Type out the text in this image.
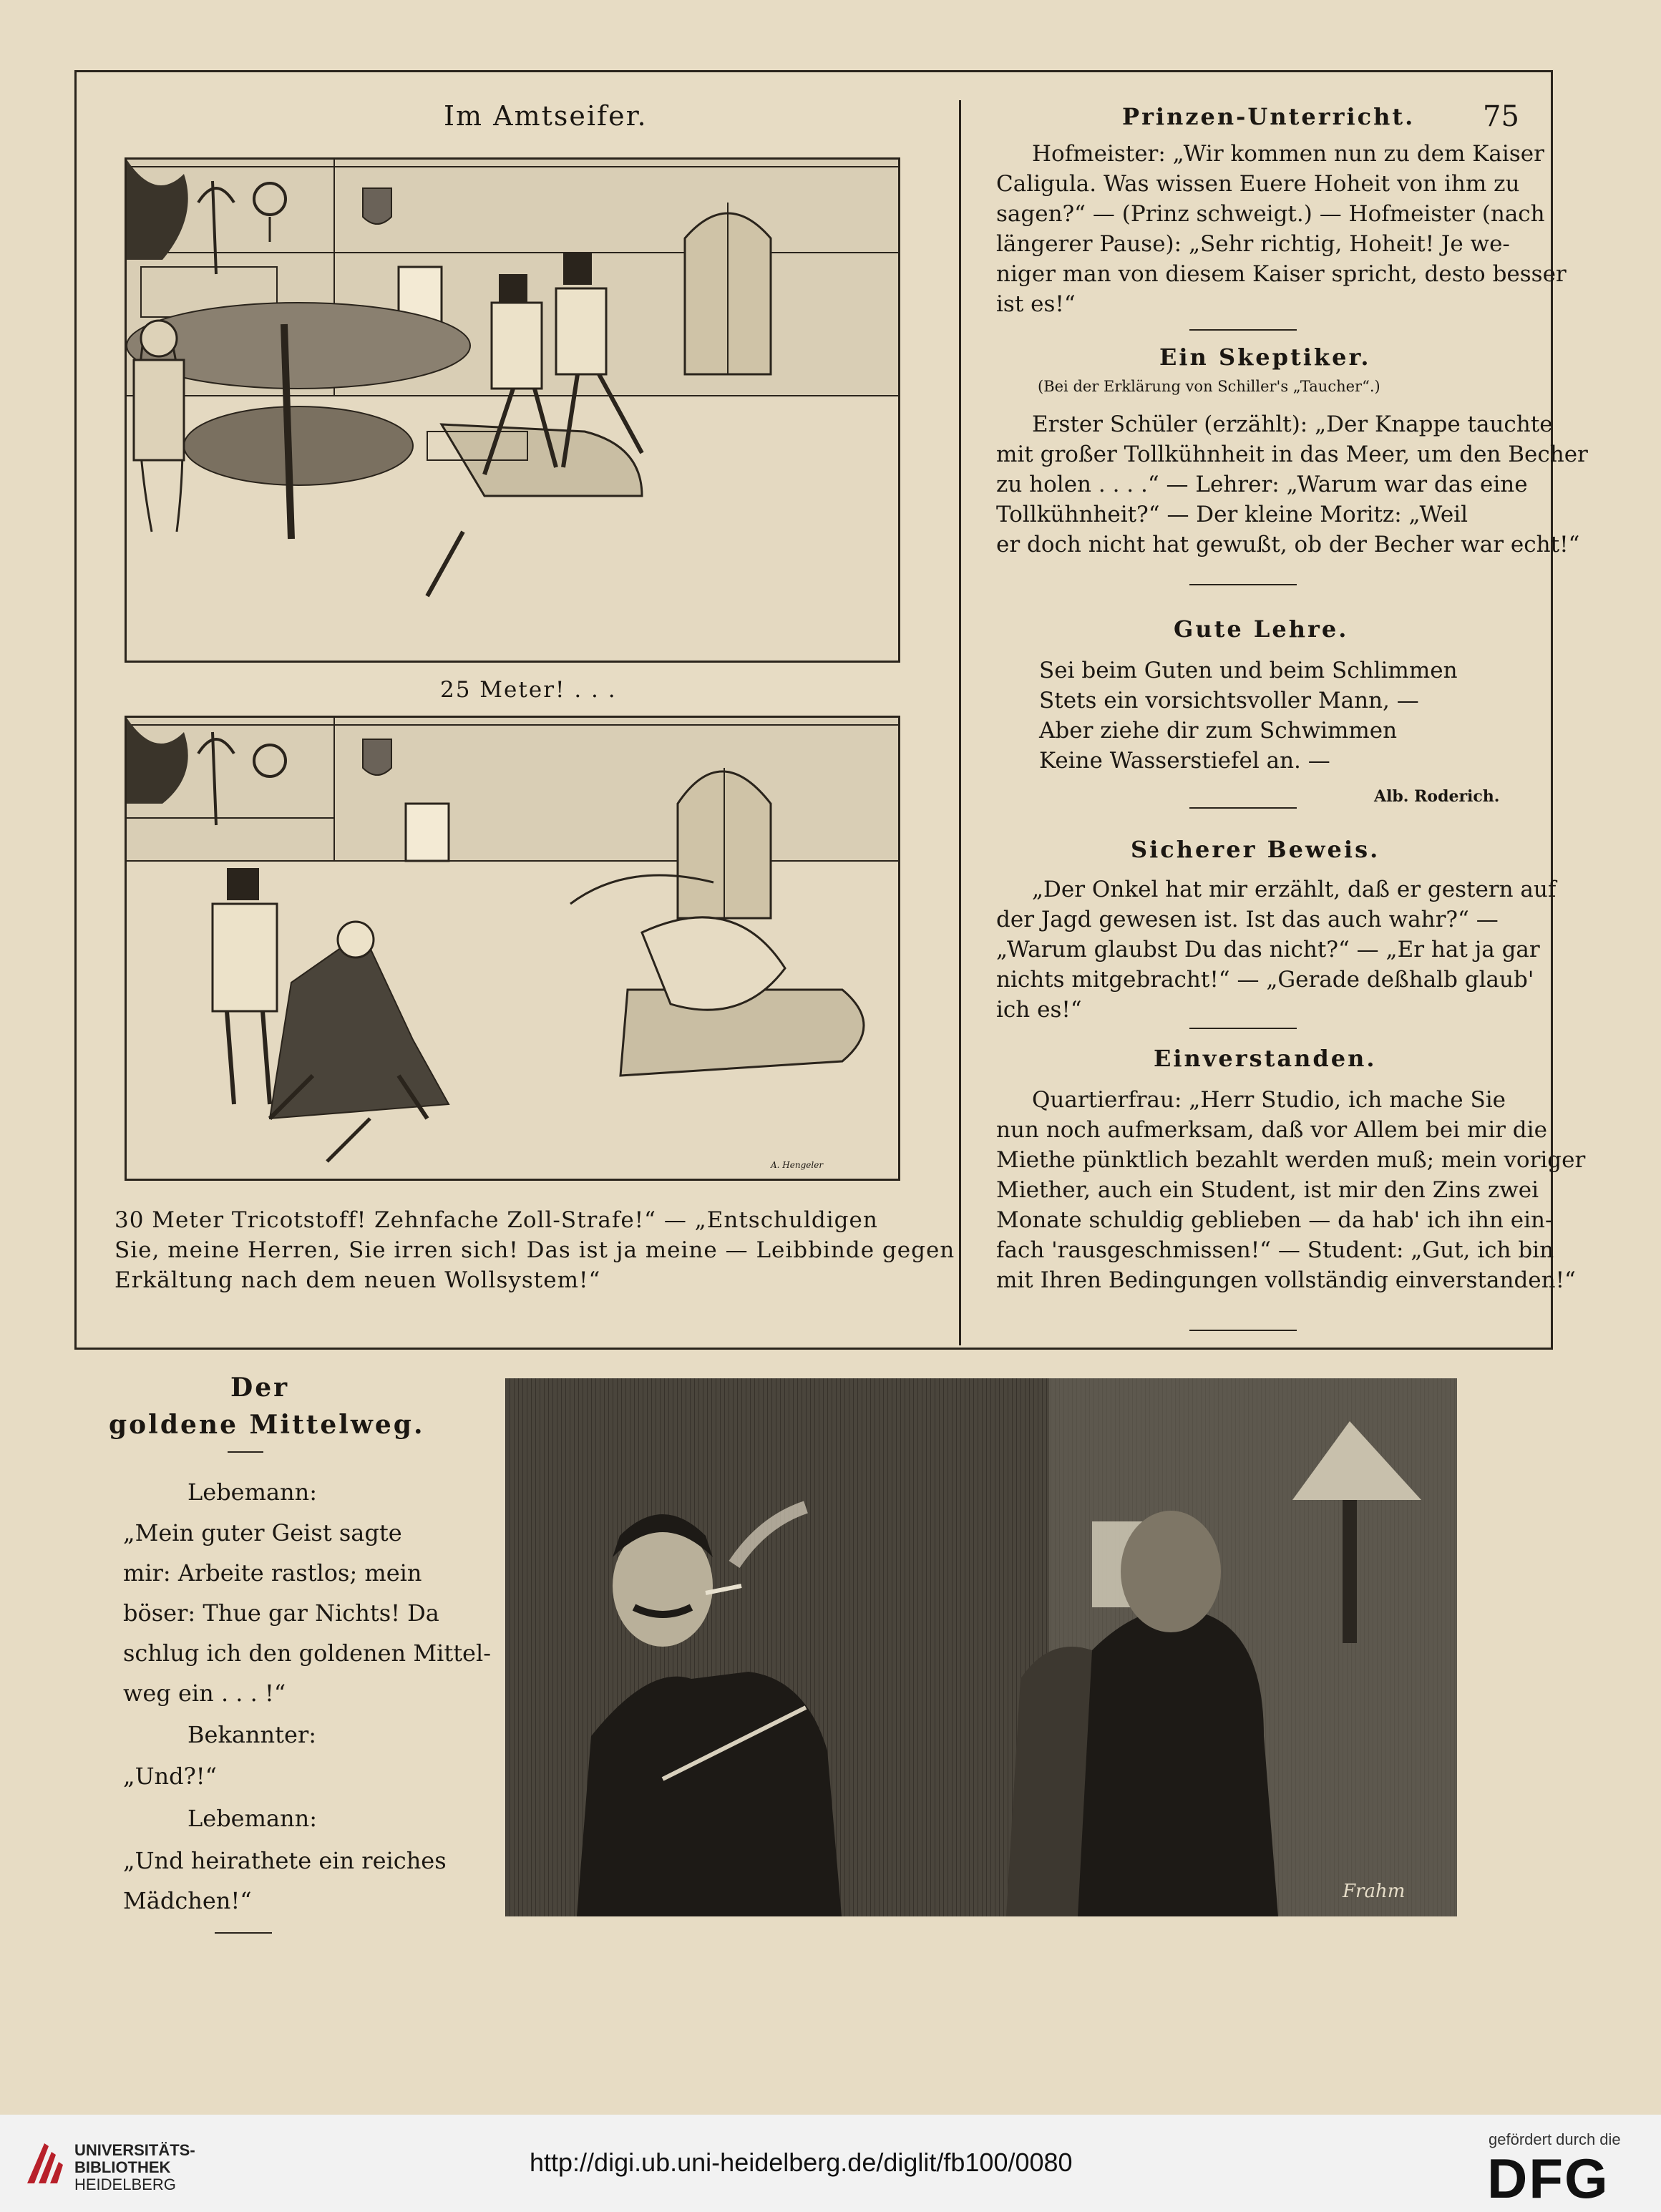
Im Amtseifer.
25 Meter! . . .
A. Hengeler
30 Meter Tricotstoff! Zehnfache Zoll-Strafe!“ — „Entschuldigen
Sie, meine Herren, Sie irren sich! Das ist ja meine — Leibbinde gegen
Erkältung nach dem neuen Wollsystem!“
75
Prinzen-Unterricht.
Hofmeister: „Wir kommen nun zu dem Kaiser
Caligula. Was wissen Euere Hoheit von ihm zu
sagen?“ — (Prinz schweigt.) — Hofmeister (nach
längerer Pause): „Sehr richtig, Hoheit! Je we-
niger man von diesem Kaiser spricht, desto besser
ist es!“
Ein Skeptiker.
(Bei der Erklärung von Schiller's „Taucher“.)
Erster Schüler (erzählt): „Der Knappe tauchte
mit großer Tollkühnheit in das Meer, um den Becher
zu holen . . . .“ — Lehrer: „Warum war das eine
Tollkühnheit?“ — Der kleine Moritz: „Weil
er doch nicht hat gewußt, ob der Becher war echt!“
Gute Lehre.
Sei beim Guten und beim Schlimmen
Stets ein vorsichtsvoller Mann, —
Aber ziehe dir zum Schwimmen
Keine Wasserstiefel an. —
Alb. Roderich.
Sicherer Beweis.
„Der Onkel hat mir erzählt, daß er gestern auf
der Jagd gewesen ist. Ist das auch wahr?“ —
„Warum glaubst Du das nicht?“ — „Er hat ja gar
nichts mitgebracht!“ — „Gerade deßhalb glaub'
ich es!“
Einverstanden.
Quartierfrau: „Herr Studio, ich mache Sie
nun noch aufmerksam, daß vor Allem bei mir die
Miethe pünktlich bezahlt werden muß; mein voriger
Miether, auch ein Student, ist mir den Zins zwei
Monate schuldig geblieben — da hab' ich ihn ein-
fach 'rausgeschmissen!“ — Student: „Gut, ich bin
mit Ihren Bedingungen vollständig einverstanden!“
Der
goldene Mittelweg.
Lebemann:
„Mein guter Geist sagte
mir: Arbeite rastlos; mein
böser: Thue gar Nichts! Da
schlug ich den goldenen Mittel-
weg ein . . . !“
Bekannter:
„Und?!“
Lebemann:
„Und heirathete ein reiches
Mädchen!“	Frahm
UNIVERSITÄTS-
BIBLIOTHEK
HEIDELBERG
http://digi.ub.uni-heidelberg.de/diglit/fb100/0080
gefördert durch die
DFG
